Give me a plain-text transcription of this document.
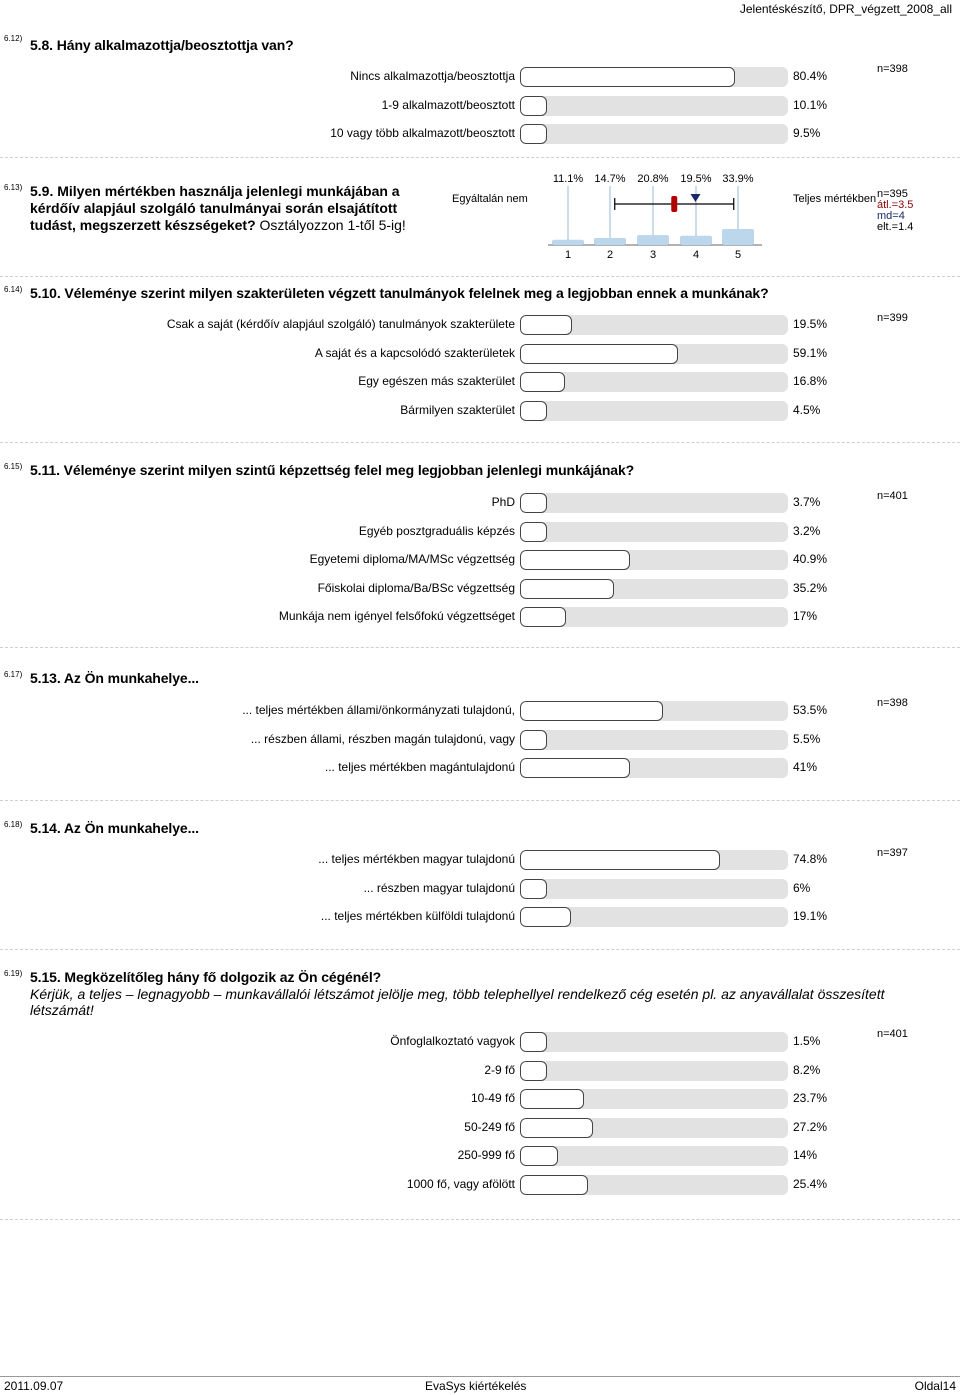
Jelentéskészítő, DPR_végzett_2008_all
6.12) 5.8. Hány alkalmazottja/beosztottja van?
n=398
Nincs alkalmazottja/beosztottja	80.4%
1-9 alkalmazott/beosztott	10.1%
10 vagy több alkalmazott/beosztott	9.5%
6.13) 5.9. Milyen mértékben használja jelenlegi munkájában a kérdőív alapjául szolgáló tanulmányai során elsajátított tudást, megszerzett készségeket? Osztályozzon 1-től 5-ig!
Egyáltalán nem	Teljes mértékben
11.1%
1
14.7%
2
20.8%
3
19.5%
4
33.9%
5
n=395
átl.=3.5
md=4
elt.=1.4
6.14) 5.10. Véleménye szerint milyen szakterületen végzett tanulmányok felelnek meg a legjobban ennek a munkának?
n=399
Csak a saját (kérdőív alapjául szolgáló) tanulmányok szakterülete	19.5%
A saját és a kapcsolódó szakterületek	59.1%
Egy egészen más szakterület	16.8%
Bármilyen szakterület	4.5%
6.15) 5.11. Véleménye szerint milyen szintű képzettség felel meg legjobban jelenlegi munkájának?
n=401
PhD	3.7%
Egyéb posztgraduális képzés	3.2%
Egyetemi diploma/MA/MSc végzettség	40.9%
Főiskolai diploma/Ba/BSc végzettség	35.2%
Munkája nem igényel felsőfokú végzettséget	17%
6.17) 5.13. Az Ön munkahelye...
n=398
... teljes mértékben állami/önkormányzati tulajdonú,	53.5%
... részben állami, részben magán tulajdonú, vagy	5.5%
... teljes mértékben magántulajdonú	41%
6.18) 5.14. Az Ön munkahelye...
n=397
... teljes mértékben magyar tulajdonú	74.8%
... részben magyar tulajdonú	6%
... teljes mértékben külföldi tulajdonú	19.1%
6.19) 5.15. Megközelítőleg hány fő dolgozik az Ön cégénél?
Kérjük, a teljes – legnagyobb – munkavállalói létszámot jelölje meg, több telephellyel rendelkező cég esetén pl. az anyavállalat összesített létszámát!
n=401
Önfoglalkoztató vagyok	1.5%
2-9 fő	8.2%
10-49 fő	23.7%
50-249 fő	27.2%
250-999 fő	14%
1000 fő, vagy afölött	25.4%
2011.09.07	EvaSys kiértékelés	Oldal14
